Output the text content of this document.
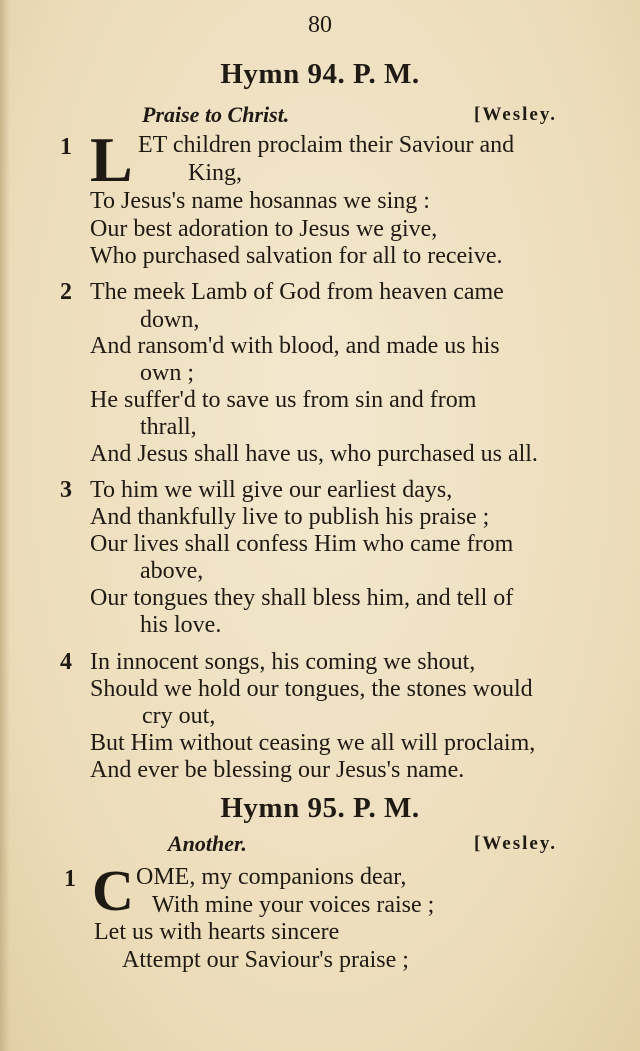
80
Hymn 94. P. M.
Praise to Christ.	[Wesley.
1 L ET children proclaim their Saviour and
King,
To Jesus's name hosannas we sing :
Our best adoration to Jesus we give,
Who purchased salvation for all to receive.
2 The meek Lamb of God from heaven came
down,
And ransom'd with blood, and made us his
own ;
He suffer'd to save us from sin and from
thrall,
And Jesus shall have us, who purchased us all.
3 To him we will give our earliest days,
And thankfully live to publish his praise ;
Our lives shall confess Him who came from
above,
Our tongues they shall bless him, and tell of
his love.
4 In innocent songs, his coming we shout,
Should we hold our tongues, the stones would
cry out,
But Him without ceasing we all will proclaim,
And ever be blessing our Jesus's name.
Hymn 95. P. M.
Another.	[Wesley.
1 C OME, my companions dear,
With mine your voices raise ;
Let us with hearts sincere
Attempt our Saviour's praise ;
